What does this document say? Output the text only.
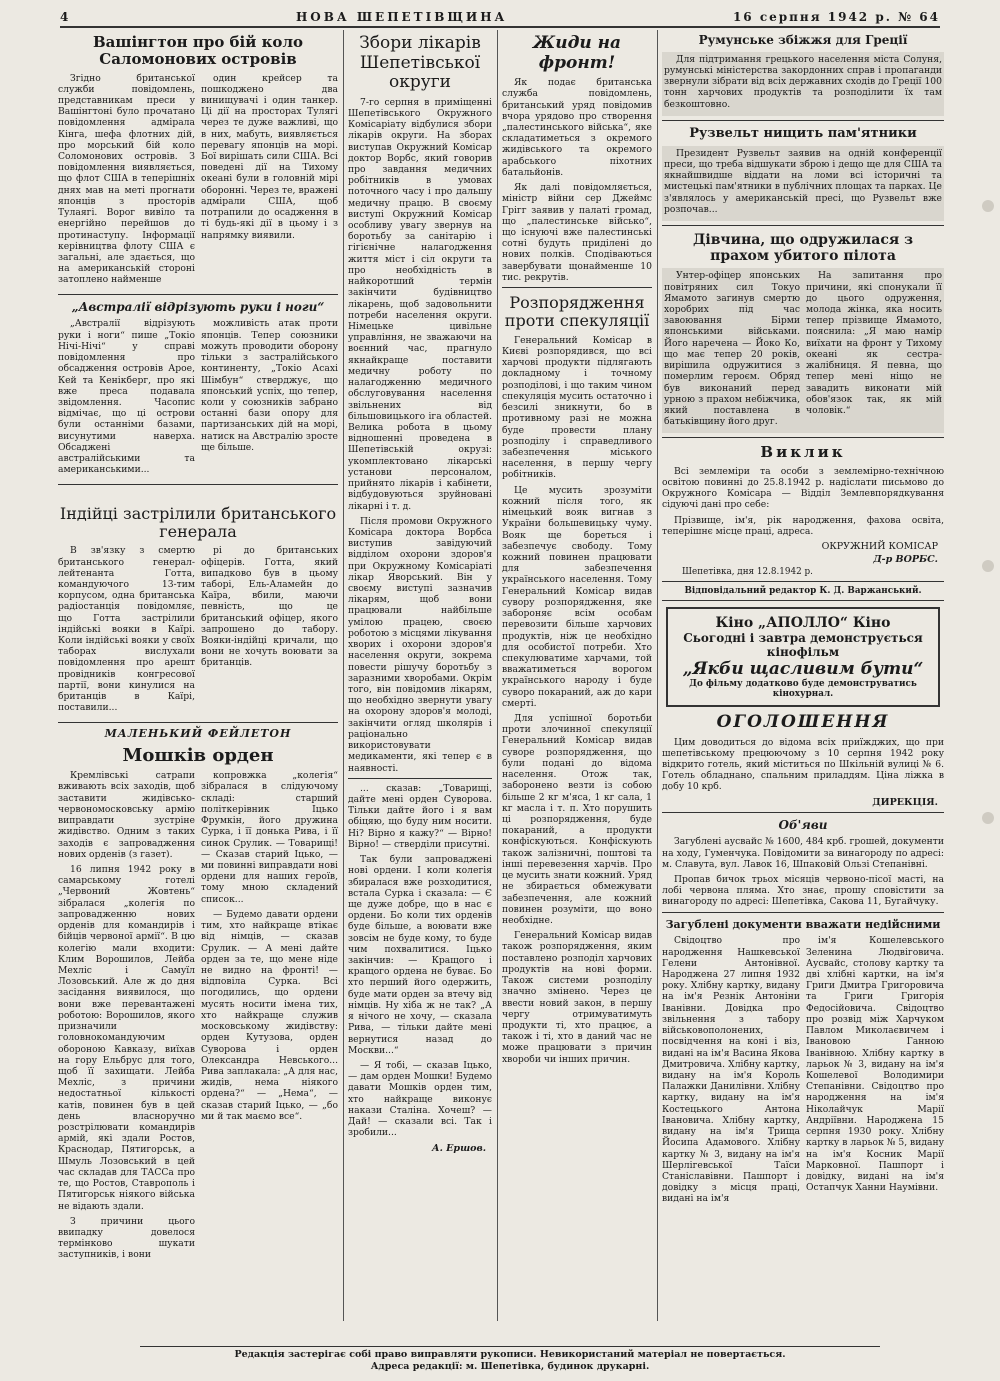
4	НОВА ШЕПЕТІВЩИНА	16 серпня 1942 р. № 64
Вашінгтон про бій коло Саломонових островів

Згідно британської служби повідомлень, представникам преси у Вашінгтоні було прочатано повідомлення адмірала Кінга, шефа флотних дій, про морський бій коло Соломонових островів. З повідомлення виявляється, що флот США в теперішніх днях мав на меті прогнати японців з просторів Тулаягі. Ворог вивіло та енергійно перейшов до протинаступу. Інформації керівництва флоту США є загальні, але здається, що на американській стороні затоплено найменше

один крейсер та пошкоджено два винищувачі і один танкер. Ці дії на просторах Тулягі через те дуже важливі, що в них, мабуть, виявляється перевагу японців на морі. Бої вирішать сили США. Всі поведені дії на Тихому океані були в головній мірі оборонні. Через те, вражені адмірали США, щоб потрапили до осадження в ті будь-які дії в цьому і з напрямку виявили.

„Австралії відрізують руки і ноги“

„Австралії відрізують руки і ноги“ пише „Токіо Нічі-Нічі“ у справі повідомлення про обсадження островів Арое, Кей та Кенікберг, про які вже преса подавала звідомлення. Часопис відмічає, що ці острови були останніми базами, висунутими наверха. Обсаджені австралійськими та американськими...

можливість атак проти японців. Тепер союзники можуть проводити оборону тільки з застралійського континенту, „Токіо Асахі Шімбун“ стверджує, що японський успіх, що тепер, коли у союзників забрано останні бази опору для партизанських дій на морі, натиск на Австралію зросте ще більше.

Індійці застрілили британського генерала

В зв'язку з смертю британського генерал-лейтенанта Готта, командуючого 13-тим корпусом, одна британська радіостанція повідомляє, що Готта застрілили індійські вояки в Каїрі. Коли індійські вояки у своїх таборах вислухали повідомлення про арешт провідників конгресової партії, вони кинулися на британців в Каїрі, поставили...

рі до британських офіцерів. Готта, який випадково був в цьому таборі, Ель-Аламейн до Каїра, вбили, маючи певність, що це британський офіцер, якого запрошено до табору. Вояки-індійці кричали, що вони не хочуть воювати за британців.

МАЛЕНЬКИЙ ФЕЙЛЕТОН
Мошків орден

Кремлівські сатрапи вживають всіх заходів, щоб заставити жидівсько-червономосковську армію виправдати зустріне жидівство. Одним з таких заходів є запровадження нових орденів (з газет).

16 липня 1942 року в самарському готелі „Червоний Жовтень“ зібралася „колегія по запровадженню нових орденів для командирів і бійців червоної армії“. В цю колегію мали входити: Клим Ворошилов, Лейба Мехліс і Самуїл Лозовський. Але ж до дня засідання виявилося, що вони вже перевантажені роботою: Ворошилов, якого призначили головнокомандуючим обороною Кавказу, виїхав на гору Ельбрус для того, щоб її захищати. Лейба Мехліс, з причини недостатньої кількості катів, повинен був в цей день власноручно розстрілювати командирів армій, які здали Ростов, Краснодар, Пятигорськ, а Шмуль Лозовський в цей час складав для ТАССа про те, що Ростов, Ставрополь і Пятигорськ ніякого війська не відають здали.

З причини цього ввипадку довелося термінково шукати заступників, і вони

копровжка „колегія“ зібралася в слідуючому складі: старший політкерівник Іцько Фрумкін, його дружина Сурка, і її донька Рива, і її синок Срулик. — Товарищі! — Сказав старий Іцько, — ми повинні виправдати нові ордени для наших героїв, тому мною складений список...

— Будемо давати ордени тим, хто найкраще втікає від німців, — сказав Срулик. — А мені дайте орден за те, що мене ніде не видно на фронті! — відповіла Сурка. Всі погодились, що ордени мусять носити імена тих, хто найкраще служив московському жидівству: орден Кутузова, орден Суворова і орден Олександра Невського... Рива заплакала: „А для нас, жидів, нема ніякого ордена?“ — „Нема“, — сказав старий Іцько, — „бо ми й так маємо все“.

Збори лікарів Шепетівської округи

7-го серпня в приміщенні Шепетівського Окружного Комісаріату відбулися збори лікарів округи. На зборах виступав Окружний Комісар доктор Ворбс, який говорив про завдання медичних робітників в умовах поточного часу і про дальшу медичну працю. В своєму виступі Окружний Комісар особливу увагу звернув на боротьбу за санітарію і гігієнічне налагодження життя міст і сіл округи та про необхідність в найкоротший термін закінчити будівництво лікарень, щоб задовольнити потреби населення округи. Німецьке цивільне управління, не зважаючи на воєнний час, прагнуло якнайкраще поставити медичну роботу по налагодженню медичного обслуговування населення звільнених від більшовицького іга областей. Велика робота в цьому відношенні проведена в Шепетівській окрузі: укомплектовано лікарські установи персоналом, прийнято лікарів і кабінети, відбудовуються зруйновані лікарні і т. д.

Після промови Окружного Комісара доктора Ворбса виступив завідуючий відділом охорони здоров'я при Окружному Комісаріаті лікар Яворський. Він у своєму виступі зазначив лікарям, щоб вони працювали найбільше умілою працею, своєю роботою з місцями лікування хворих і охорони здоров'я населення округи, зокрема повести рішучу боротьбу з заразними хворобами. Окрім того, він повідомив лікарям, що необхідно звернути увагу на охорону здоров'я молоді, закінчити огляд школярів і раціонально використовувати медикаменти, які тепер є в наявності.

... сказав: „Товарищі, дайте мені орден Суворова. Тільки дайте його і я вам обіцяю, що буду ним носити. Ні? Вірно я кажу?“ — Вірно! Вірно! — стверділи присутні.

Так були запроваджені нові ордени. І коли колегія збиралася вже розходитися, встала Сурка і сказала: — Є ще дуже добре, що в нас є ордени. Бо коли тих орденів буде більше, а воювати вже зовсім не буде кому, то буде чим похвалитися. Іцько закінчив: — Кращого і кращого ордена не буває. Бо хто перший його одержить, буде мати орден за втечу від німців. Ну хіба ж не так? „А я нічого не хочу, — сказала Рива, — тільки дайте мені вернутися назад до Москви...“

— Я тобі, — сказав Іцько, — дам орден Мошки! Будемо давати Мошків орден тим, хто найкраще виконує накази Сталіна. Хочеш? — Дай! — сказали всі. Так і зробили...

А. Ершов.
Жиди на фронт!

Як подає британська служба повідомлень, британський уряд повідомив вчора урядово про створення „палестинського війська“, яке складатиметься з окремого жидівського та окремого арабського піхотних батальйонів.

Як далі повідомляється, міністр війни сер Джеймс Грігг заявив у палаті громад, що „палестинське військо“, що існуючі вже палестинські сотні будуть приділені до нових полків. Сподіваються завербувати щонайменше 10 тис. рекрутів.

Розпорядження проти спекуляції

Генеральний Комісар в Києві розпорядився, що всі харчові продукти підлягають докладному і точному розподілові, і що таким чином спекуляція мусить остаточно і безсилі зникнути, бо в противному разі не можна буде провести плану розподілу і справедливого забезпечення міського населення, в першу чергу робітників.

Це мусить зрозуміти кожний після того, як німецький вояк вигнав з України большевицьку чуму. Вояк ще бореться і забезпечує свободу. Тому кожний повинен працювати для забезпечення українського населення. Тому Генеральний Комісар видав сувору розпорядження, яке забороняє всім особам перевозити більше харчових продуктів, ніж це необхідно для особистої потреби. Хто спекулюватиме харчами, той вважатиметься ворогом українського народу і буде суворо покараний, аж до кари смерті.

Для успішної боротьби проти злочинної спекуляції Генеральний Комісар видав суворе розпорядження, що були подані до відома населення. Отож так, заборонено везти із собою більше 2 кг м'яса, 1 кг сала, 1 кг масла і т. п. Хто порушить ці розпорядження, буде покараний, а продукти конфіскуються. Конфіскують також залізничні, поштові та інші перевезення харчів. Про це мусить знати кожний. Уряд не збирається обмежувати забезпечення, але кожний повинен розуміти, що воно необхідне.

Генеральний Комісар видав також розпорядження, яким поставлено розподіл харчових продуктів на нові форми. Також системи розподілу значно змінено. Через це ввести новий закон, в першу чергу отримуватимуть продукти ті, хто працює, а також і ті, хто в даний час не може працювати з причин хвороби чи інших причин.

Румунське збіжжя для Греції

Для підтримання грецького населення міста Солуня, румунські міністерства закордонних справ і пропаганди звернули зібрати від всіх державних сходів до Греції 100 тонн харчових продуктів та розподілити їх там безкоштовно.

Рузвельт нищить пам'ятники

Президент Рузвельт заявив на одній конференції преси, що треба відшукати зброю і дещо ще для США та якнайшвидше віддати на ломи всі історичні та мистецькі пам'ятники в публічних площах та парках. Це з'являлось у американській пресі, що Рузвельт вже розпочав...

Дівчина, що одружилася з прахом убитого пілота

Унтер-офіцер японських повітряних сил Токуо Ямамото загинув смертю хоробрих під час завоювання Бірми японськими військами. Його наречена — Йоко Ко, що має тепер 20 років, вирішила одружитися з померлим героєм. Обряд був виконаний перед урною з прахом небіжчика, який поставлена в батьківщину його друг.

На запитання про причини, які спонукали її до цього одруження, молода жінка, яка носить тепер прізвище Ямамото, пояснила: „Я маю намір виїхати на фронт у Тихому океані як сестра-жалібниця. Я певна, що тепер мені ніщо не завадить виконати мій обов'язок так, як мій чоловік.“

Виклик

Всі землеміри та особи з землемірно-технічною освітою повинні до 25.8.1942 р. надіслати письмово до Окружного Комісара — Відділ Землевпорядкування сідуючі дані про себе:

Прізвище, ім'я, рік народження, фахова освіта, теперішнє місце праці, адреса.

ОКРУЖНИЙ КОМІСАР
Д-р ВОРБС.
Шепетівка, дня 12.8.1942 р.
Відповідальний редактор К. Д. Варжанський.
Кіно „АПОЛЛО“ Кіно
Сьогодні і завтра демонструється кінофільм
„Якби щасливим бути“
До фільму додатково буде демонструватись кінохурнал.
ОГОЛОШЕННЯ

Цим доводиться до відома всіх приїжджих, що при шепетівському прецюючому з 10 серпня 1942 року відкрито готель, який міститься по Шкільній вулиці № 6. Готель обладнано, спальним приладдям. Ціна ліжка в добу 10 крб.

ДИРЕКЦІЯ.
Об'яви

Загублені аусвайс № 1600, 484 крб. грошей, документи на ходу, Гуменчука. Повідомити за винагороду по адресі: м. Славута, вул. Лавок 16, Шпаковій Ользі Степанівні.

Пропав бичок трьох місяців червоно-пісої масті, на лобі червона пляма. Хто знає, прошу сповістити за винагороду по адресі: Шепетівка, Сакова 11, Бугайчуку.

Загублені документи вважати недійсними

Свідоцтво про народження Нашкевської Гелени Антонівної. Народжена 27 липня 1932 року. Хлібну картку, видану на ім'я Резнік Антоніни Іванівни. Довідка про звільнення з табору військовополонених, посвідчення на коні і віз, видані на ім'я Васина Якова Дмитровича. Хлібну картку, видану на ім'я Король Палажки Данилівни. Хлібну картку, видану на ім'я Костецького Антона Івановича. Хлібну картку, видану на ім'я Трища Йосипа Адамового. Хлібну картку № 3, видану на ім'я Шерлігевської Таїси Станіславівни. Пашпорт і довідку з місця праці, видані на ім'я

ім'я Кошелевського Зеленина Людвіговича. Аусвайс, столову картку та дві хлібні картки, на ім'я Григи Дмитра Григоровича та Григи Григорія Федосійовича. Свідоцтво про розвід між Харчуком Павлом Миколаєвичем і Івановою Ганною Іванівною. Хлібну картку в ларьок № 3, видану на ім'я Кошелевої Володимири Степанівни. Свідоцтво про народження на ім'я Ніколайчук Марії Андріївни. Народжена 15 серпня 1930 року. Хлібну картку в ларьок № 5, видану на ім'я Косник Марії Марковної. Пашпорт і довідку, видані на ім'я Остапчук Ханни Наумівни.

Редакція застерігає собі право виправляти рукописи. Невикористаний матеріал не повертається.
Адреса редакції: м. Шепетівка, будинок друкарні.
